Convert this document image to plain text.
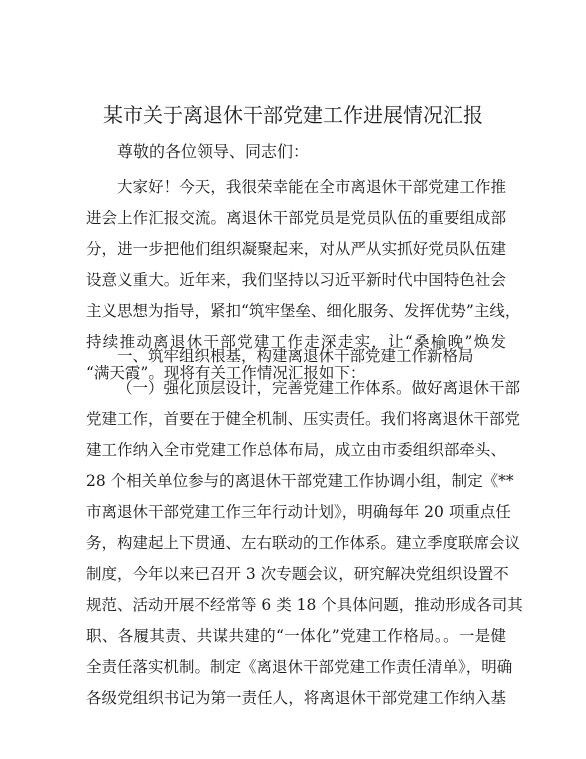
某市关于离退休干部党建工作进展情况汇报
尊敬的各位领导、同志们：
大家好！今天，我很荣幸能在全市离退休干部党建工作推
进会上作汇报交流。离退休干部党员是党员队伍的重要组成部
分，进一步把他们组织凝聚起来，对从严从实抓好党员队伍建
设意义重大。近年来，我们坚持以习近平新时代中国特色社会
主义思想为指导，紧扣“筑牢堡垒、细化服务、发挥优势”主线，
持续推动离退休干部党建工作走深走实，让“桑榆晚”焕发
“满天霞”。现将有关工作情况汇报如下：
一、筑牢组织根基，构建离退休干部党建工作新格局
（一）强化顶层设计，完善党建工作体系。做好离退休干部
党建工作，首要在于健全机制、压实责任。我们将离退休干部党
建工作纳入全市党建工作总体布局，成立由市委组织部牵头、
28 个相关单位参与的离退休干部党建工作协调小组，制定《**
市离退休干部党建工作三年行动计划》，明确每年 20 项重点任
务，构建起上下贯通、左右联动的工作体系。建立季度联席会议
制度，今年以来已召开 3 次专题会议，研究解决党组织设置不
规范、活动开展不经常等 6 类 18 个具体问题，推动形成各司其
职、各履其责、共谋共建的“一体化”党建工作格局。。一是健
全责任落实机制。制定《离退休干部党建工作责任清单》，明确
各级党组织书记为第一责任人，将离退休干部党建工作纳入基
